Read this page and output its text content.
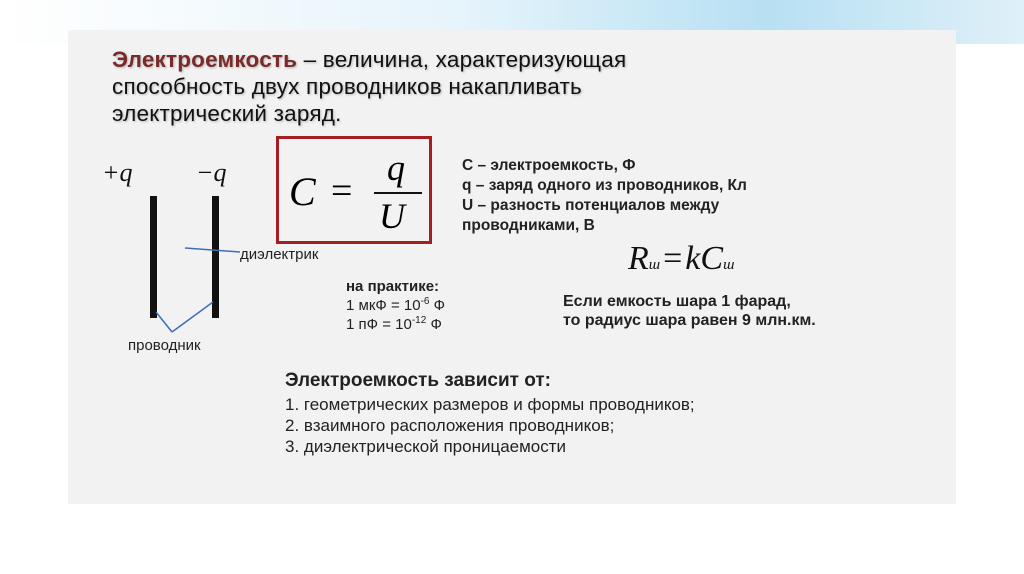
Электроемкость – величина, характеризующая
способность двух проводников накапливать
электрический заряд.
+q −q
диэлектрик
проводник
C =
q
U
С – электроемкость, Ф
q – заряд одного из проводников, Кл
U – разность потенциалов между
проводниками, В
Rш=kCш
на практике:
1 мкФ = $10^{-6}$ Ф
1 пФ = $10^{-12}$ Ф
Если емкость шара 1 фарад,
то радиус шара равен 9 млн.км.
Электроемкость зависит от:
1. геометрических размеров и формы проводников;
2. взаимного расположения проводников;
3. диэлектрической проницаемости
